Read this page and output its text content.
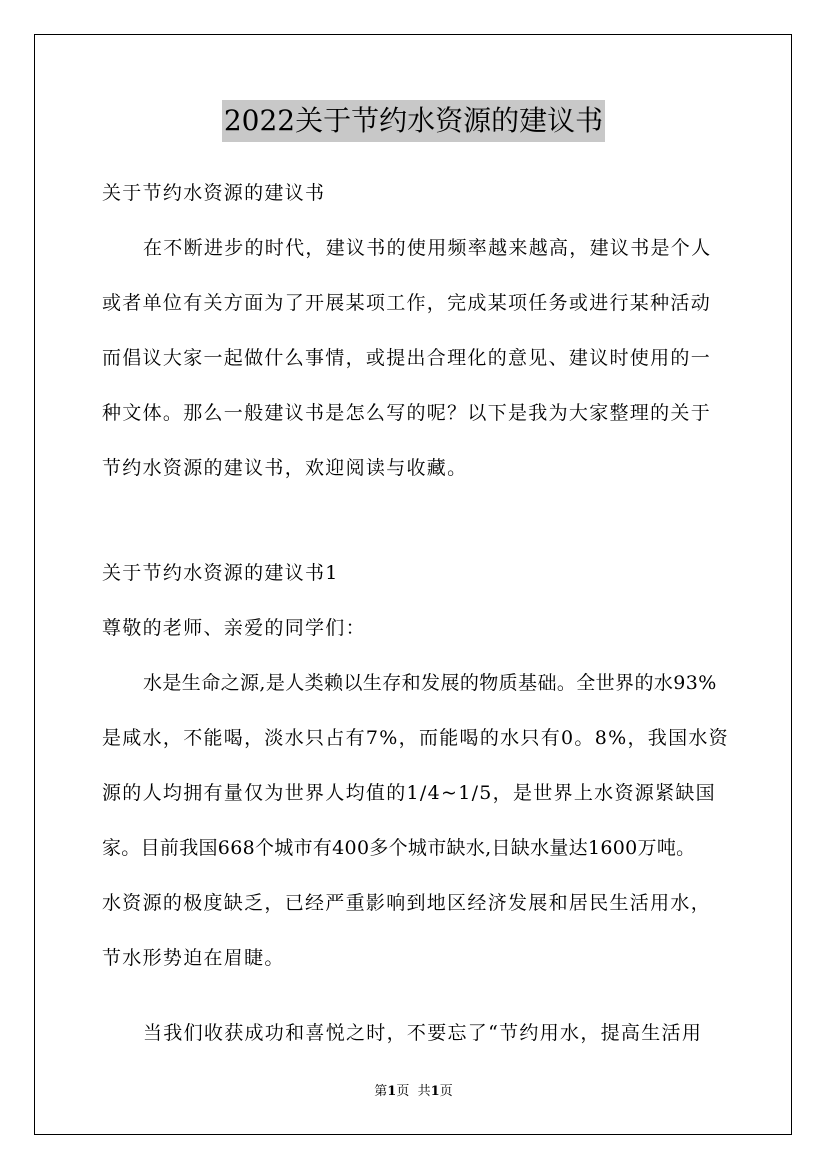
2022关于节约水资源的建议书
关于节约水资源的建议书
在不断进步的时代，建议书的使用频率越来越高，建议书是个人
或者单位有关方面为了开展某项工作，完成某项任务或进行某种活动
而倡议大家一起做什么事情，或提出合理化的意见、建议时使用的一
种文体。那么一般建议书是怎么写的呢？以下是我为大家整理的关于
节约水资源的建议书，欢迎阅读与收藏。
关于节约水资源的建议书1
尊敬的老师、亲爱的同学们：
水是生命之源,是人类赖以生存和发展的物质基础。全世界的水93%
是咸水，不能喝，淡水只占有7%，而能喝的水只有0。8%，我国水资
源的人均拥有量仅为世界人均值的1/4~1/5，是世界上水资源紧缺国
家。目前我国668个城市有400多个城市缺水,日缺水量达1600万吨。
水资源的极度缺乏，已经严重影响到地区经济发展和居民生活用水，
节水形势迫在眉睫。
当我们收获成功和喜悦之时，不要忘了“节约用水，提高生活用
第1页 共1页
